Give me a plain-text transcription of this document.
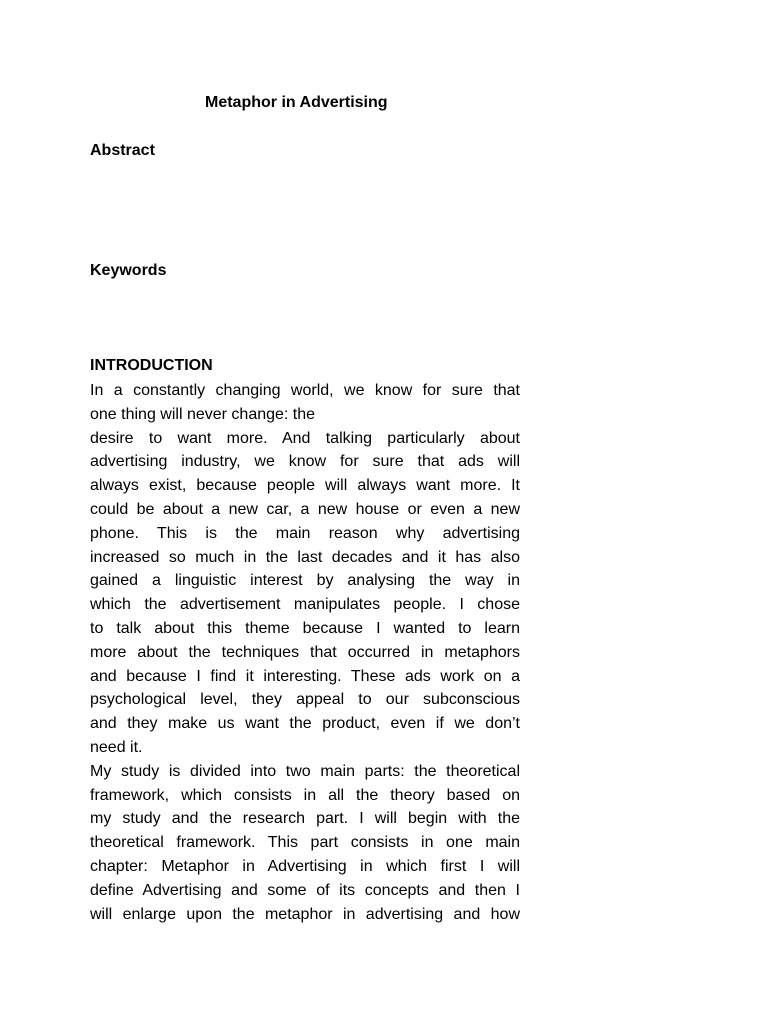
Metaphor in Advertising
Abstract
Keywords
INTRODUCTION

In a constantly changing world, we know for sure that
one thing will never change: the
desire to want more. And talking particularly about
advertising industry, we know for sure that ads will
always exist, because people will always want more. It
could be about a new car, a new house or even a new
phone. This is the main reason why advertising
increased so much in the last decades and it has also
gained a linguistic interest by analysing the way in
which the advertisement manipulates people. I chose
to talk about this theme because I wanted to learn
more about the techniques that occurred in metaphors
and because I find it interesting. These ads work on a
psychological level, they appeal to our subconscious
and they make us want the product, even if we don’t
need it.

My study is divided into two main parts: the theoretical
framework, which consists in all the theory based on
my study and the research part. I will begin with the
theoretical framework. This part consists in one main
chapter: Metaphor in Advertising in which first I will
define Advertising and some of its concepts and then I
will enlarge upon the metaphor in advertising and how
